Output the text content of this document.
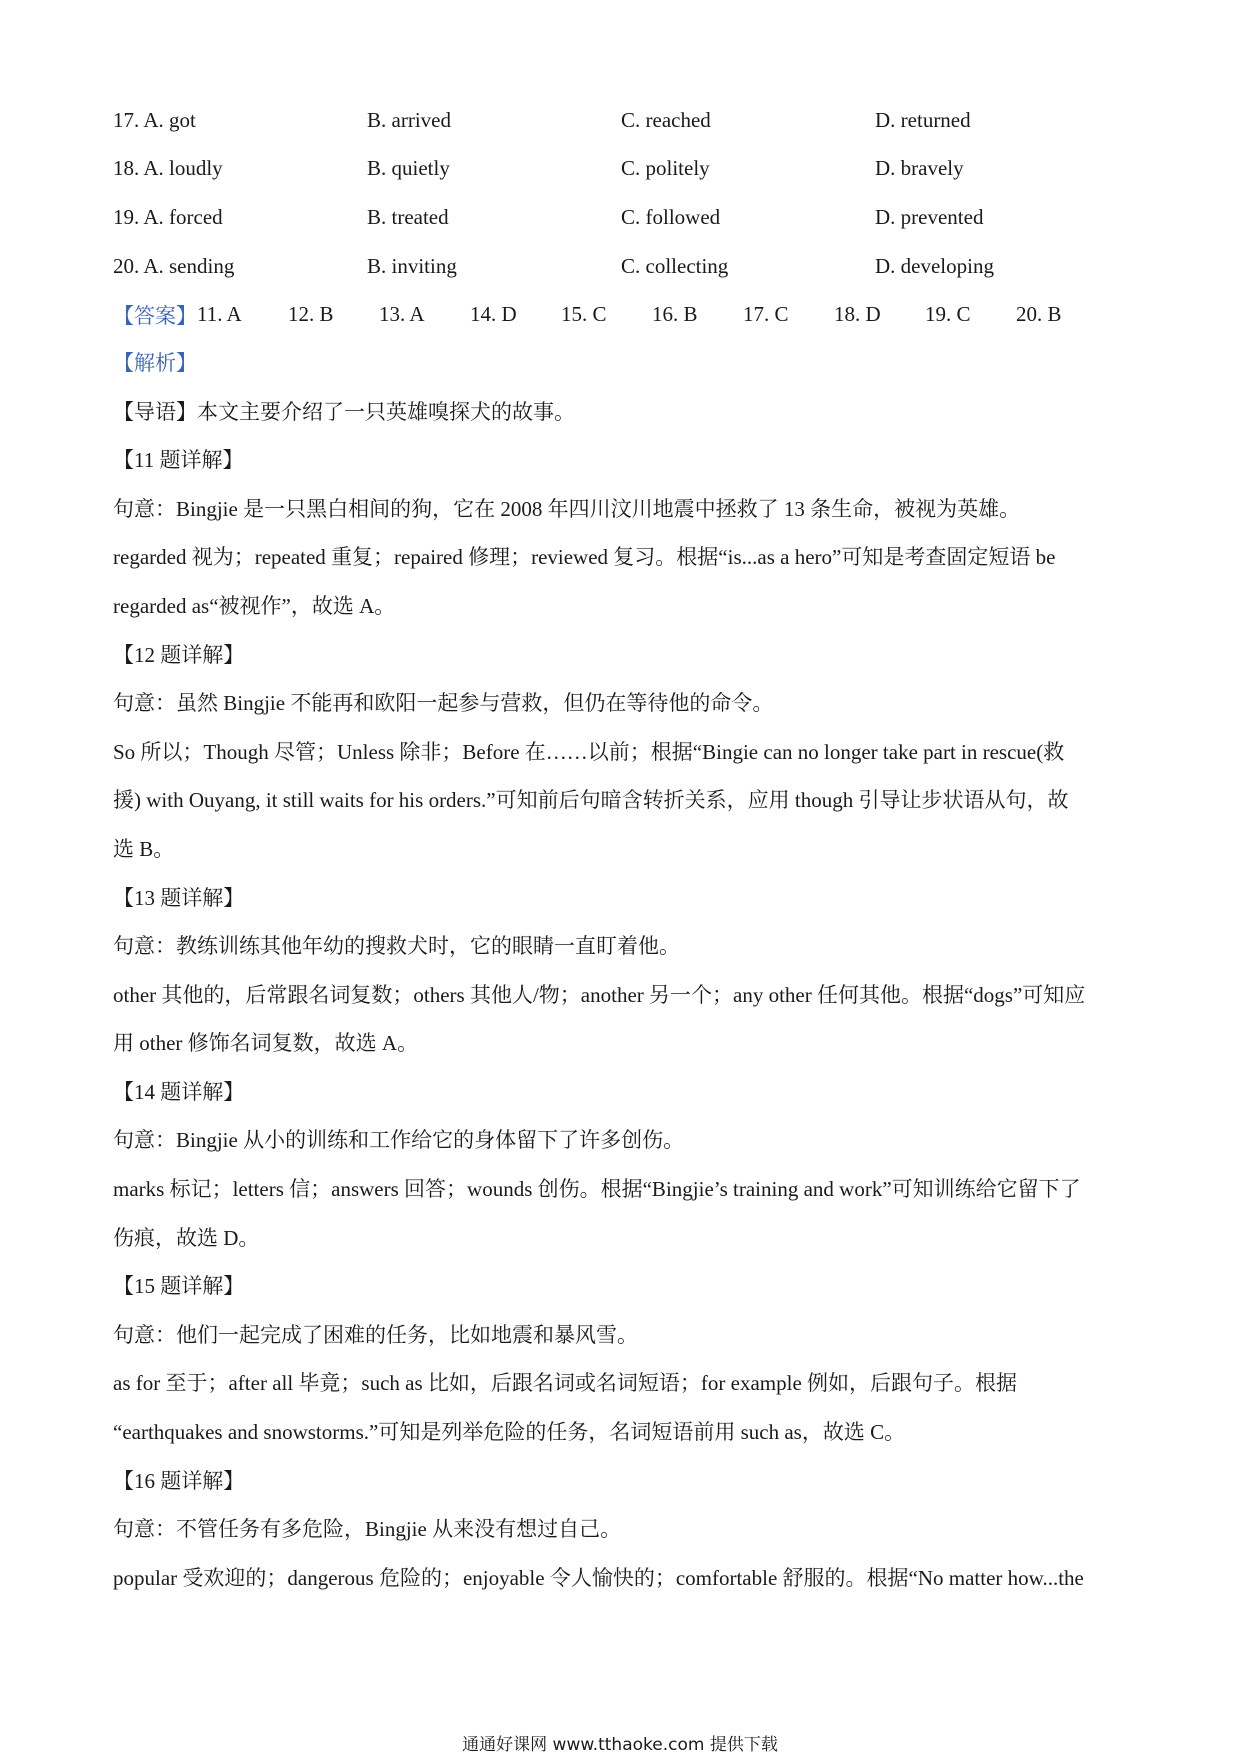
17. A. got	B. arrived	C. reached	D. returned
18. A. loudly	B. quietly	C. politely	D. bravely
19. A. forced	B. treated	C. followed	D. prevented
20. A. sending	B. inviting	C. collecting	D. developing
【答案】 11. A	12. B	13. A	14. D	15. C	16. B	17. C	18. D	19. C	20. B
【解析】
【导语】本文主要介绍了一只英雄嗅探犬的故事。
【11 题详解】
句意：Bingjie 是一只黑白相间的狗，它在 2008 年四川汶川地震中拯救了 13 条生命，被视为英雄。
regarded 视为；repeated 重复；repaired 修理；reviewed 复习。根据“is...as a hero”可知是考查固定短语 be
regarded as“被视作”，故选 A。
【12 题详解】
句意：虽然 Bingjie 不能再和欧阳一起参与营救，但仍在等待他的命令。
So 所以；Though 尽管；Unless 除非；Before 在……以前；根据“Bingie can no longer take part in rescue(救
援) with Ouyang, it still waits for his orders.”可知前后句暗含转折关系，应用 though 引导让步状语从句，故
选 B。
【13 题详解】
句意：教练训练其他年幼的搜救犬时，它的眼睛一直盯着他。
other 其他的，后常跟名词复数；others 其他人/物；another 另一个；any other 任何其他。根据“dogs”可知应
用 other 修饰名词复数，故选 A。
【14 题详解】
句意：Bingjie 从小的训练和工作给它的身体留下了许多创伤。
marks 标记；letters 信；answers 回答；wounds 创伤。根据“Bingjie’s training and work”可知训练给它留下了
伤痕，故选 D。
【15 题详解】
句意：他们一起完成了困难的任务，比如地震和暴风雪。
as for 至于；after all 毕竟；such as 比如，后跟名词或名词短语；for example 例如，后跟句子。根据
“earthquakes and snowstorms.”可知是列举危险的任务，名词短语前用 such as，故选 C。
【16 题详解】
句意：不管任务有多危险，Bingjie 从来没有想过自己。
popular 受欢迎的；dangerous 危险的；enjoyable 令人愉快的；comfortable 舒服的。根据“No matter how...the
通通好课网 www.tthaoke.com 提供下载
